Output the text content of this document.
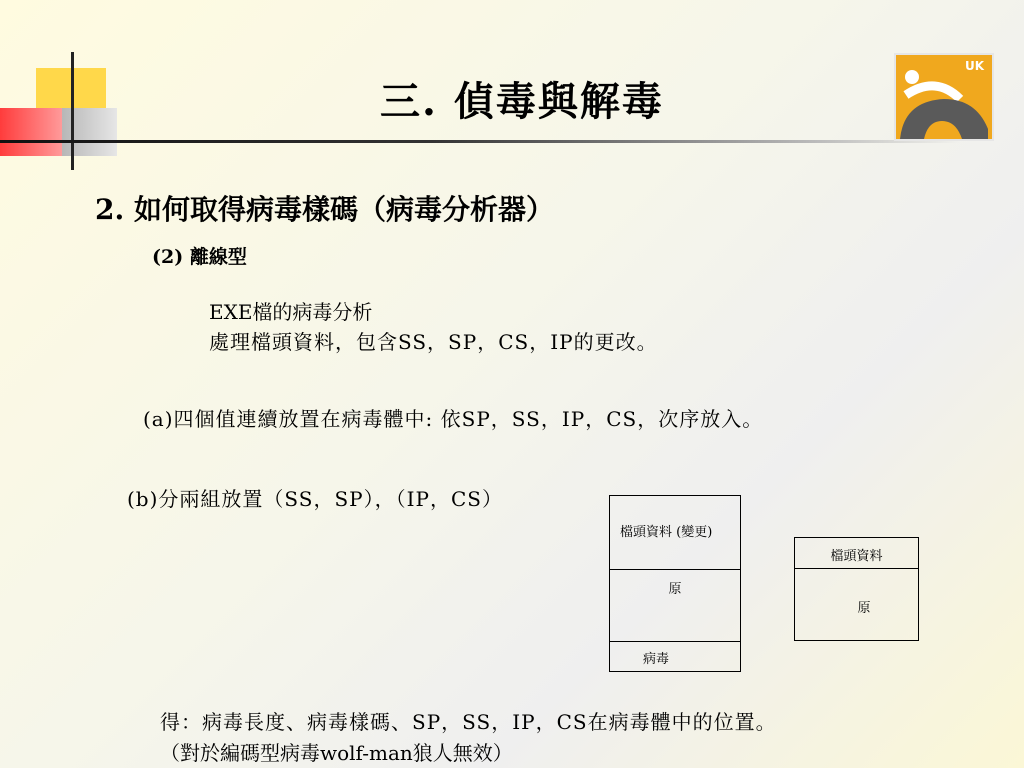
三. 偵毒與解毒
UK
2. 如何取得病毒樣碼（病毒分析器）
(2) 離線型
EXE檔的病毒分析
處理檔頭資料，包含SS，SP，CS，IP的更改。
(a)四個值連續放置在病毒體中: 依SP，SS，IP，CS，次序放入。
(b)分兩組放置（SS，SP），（IP，CS）
檔頭資料 (變更)
原
病毒
檔頭資料
原
得：病毒長度、病毒樣碼、SP，SS，IP，CS在病毒體中的位置。
（對於編碼型病毒wolf-man狼人無效）
